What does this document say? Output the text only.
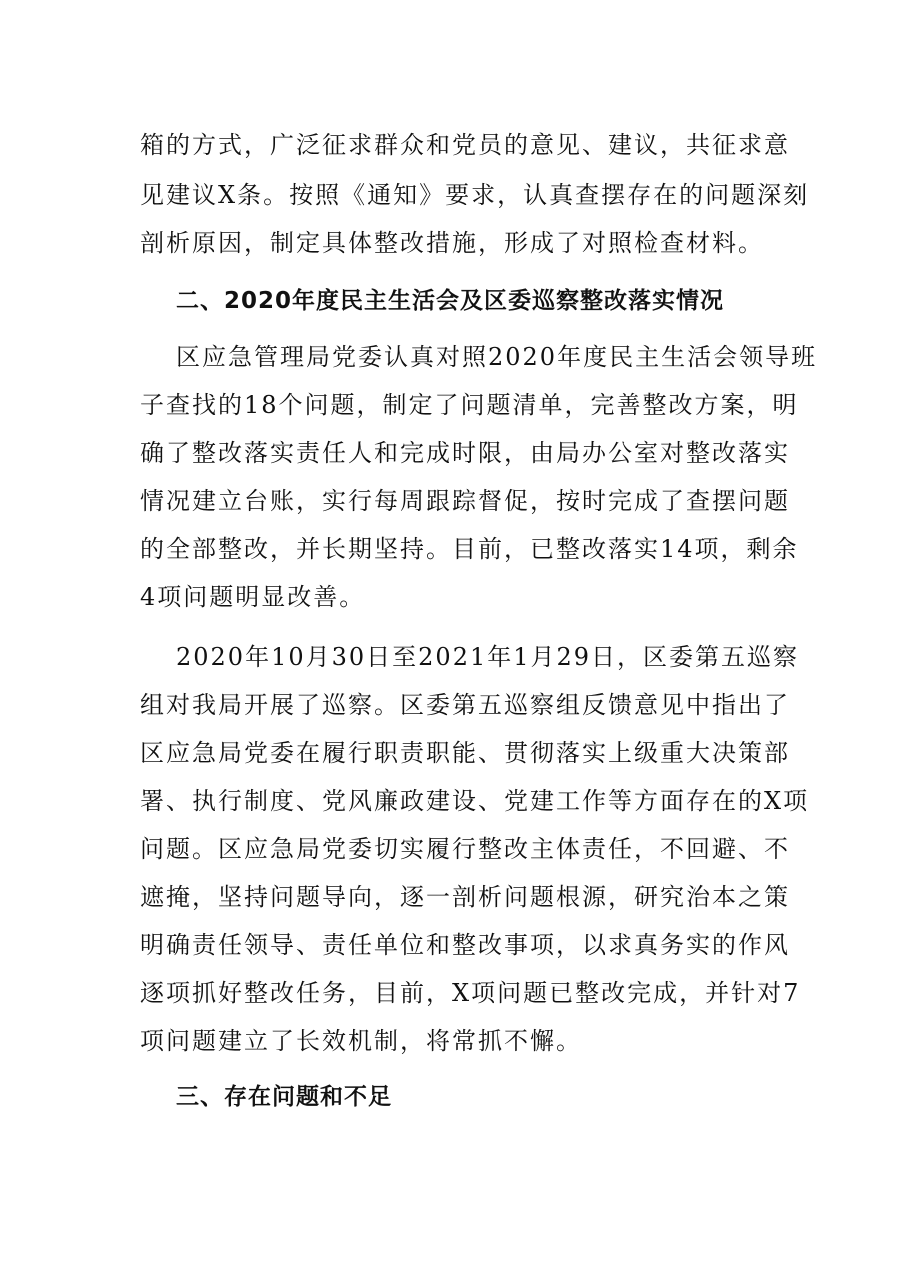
箱的方式，广泛征求群众和党员的意见、建议，共征求意
见建议X条。按照《通知》要求，认真查摆存在的问题深刻
剖析原因，制定具体整改措施，形成了对照检查材料。
二、2020年度民主生活会及区委巡察整改落实情况
区应急管理局党委认真对照2020年度民主生活会领导班
子查找的18个问题，制定了问题清单，完善整改方案，明
确了整改落实责任人和完成时限，由局办公室对整改落实
情况建立台账，实行每周跟踪督促，按时完成了查摆问题
的全部整改，并长期坚持。目前，已整改落实14项，剩余
4项问题明显改善。
2020年10月30日至2021年1月29日，区委第五巡察
组对我局开展了巡察。区委第五巡察组反馈意见中指出了
区应急局党委在履行职责职能、贯彻落实上级重大决策部
署、执行制度、党风廉政建设、党建工作等方面存在的X项
问题。区应急局党委切实履行整改主体责任，不回避、不
遮掩，坚持问题导向，逐一剖析问题根源，研究治本之策
明确责任领导、责任单位和整改事项，以求真务实的作风
逐项抓好整改任务，目前，X项问题已整改完成，并针对7
项问题建立了长效机制，将常抓不懈。
三、存在问题和不足
